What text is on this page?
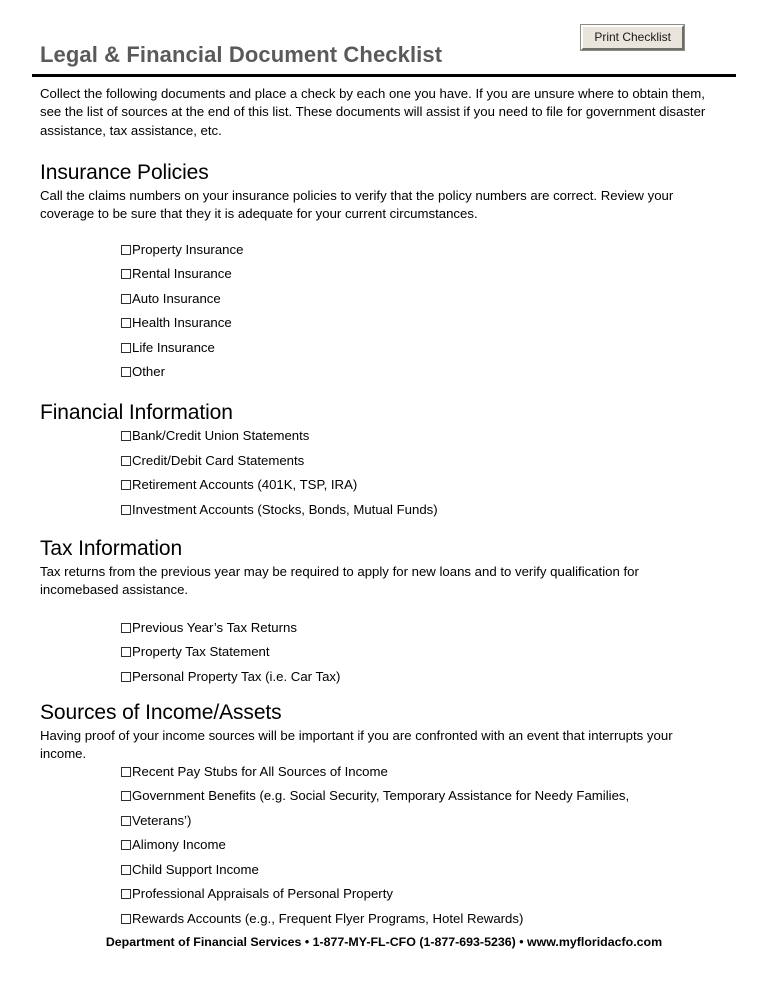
Print Checklist
Legal & Financial Document Checklist

Collect the following documents and place a check by each one you have. If you are unsure where to obtain them, see the list of sources at the end of this list. These documents will assist if you need to file for government disaster assistance, tax assistance, etc.

Insurance Policies

Call the claims numbers on your insurance policies to verify that the policy numbers are correct. Review your coverage to be sure that they it is adequate for your current circumstances.

Property Insurance
Rental Insurance
Auto Insurance
Health Insurance
Life Insurance
Other
Financial Information
Bank/Credit Union Statements
Credit/Debit Card Statements
Retirement Accounts (401K, TSP, IRA)
Investment Accounts (Stocks, Bonds, Mutual Funds)
Tax Information

Tax returns from the previous year may be required to apply for new loans and to verify qualification for incomebased assistance.

Previous Year’s Tax Returns
Property Tax Statement
Personal Property Tax (i.e. Car Tax)
Sources of Income/Assets

Having proof of your income sources will be important if you are confronted with an event that interrupts your income.

Recent Pay Stubs for All Sources of Income
Government Benefits (e.g. Social Security, Temporary Assistance for Needy Families,
Veterans’)
Alimony Income
Child Support Income
Professional Appraisals of Personal Property
Rewards Accounts (e.g., Frequent Flyer Programs, Hotel Rewards)
Department of Financial Services • 1-877-MY-FL-CFO (1-877-693-5236) • www.myfloridacfo.com
